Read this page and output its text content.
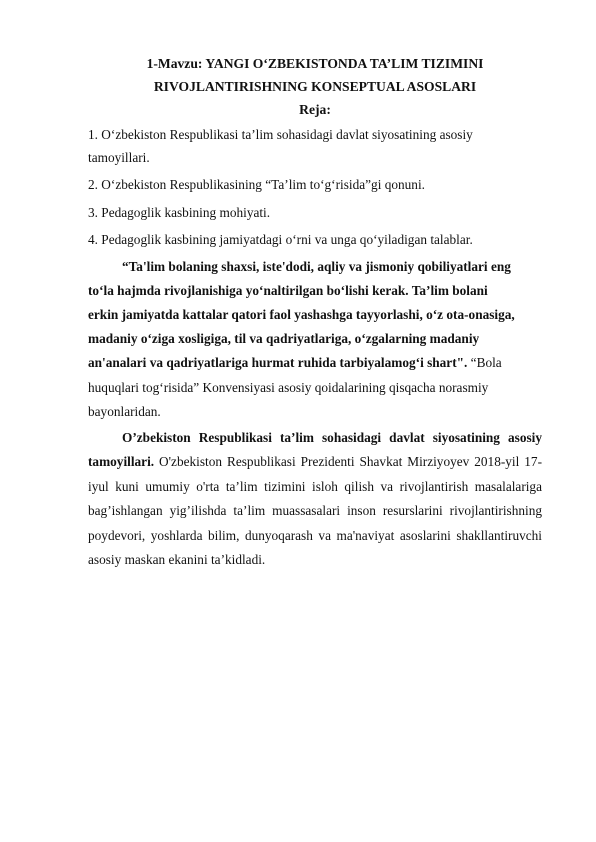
1-Mavzu: YANGI O‘ZBEKISTONDA TA’LIM TIZIMINI

RIVOJLANTIRISHNING KONSEPTUAL ASOSLARI

Reja:

1. O‘zbekiston Respublikasi ta’lim sohasidagi davlat siyosatining asosiy tamoyillari.
2. O‘zbekiston Respublikasining “Ta’lim to‘g‘risida”gi qonuni.
3. Pedagoglik kasbining mohiyati.
4. Pedagoglik kasbining jamiyatdagi o‘rni va unga qo‘yiladigan talablar.

“Ta'lim bolaning shaxsi, iste'dodi, aqliy va jismoniy qobiliyatlari eng to‘la hajmda rivojlanishiga yo‘naltirilgan bo‘lishi kerak. Ta’lim bolani erkin jamiyatda kattalar qatori faol yashashga tayyorlashi, o‘z ota-onasiga, madaniy o‘ziga xosligiga, til va qadriyatlariga, o‘zgalarning madaniy an'analari va qadriyatlariga hurmat ruhida tarbiyalamog‘i shart". “Bola huquqlari tog‘risida” Konvensiyasi asosiy qoidalarining qisqacha norasmiy bayonlaridan.

O’zbekiston Respublikasi ta’lim sohasidagi davlat siyosatining asosiy tamoyillari. O'zbekiston Respublikasi Prezidenti Shavkat Mirziyoyev 2018-yil 17-iyul kuni umumiy o'rta ta’lim tizimini isloh qilish va rivojlantirish masalalariga bag’ishlangan yig’ilishda ta’lim muassasalari inson resurslarini rivojlantirishning poydevori, yoshlarda bilim, dunyoqarash va ma'naviyat asoslarini shakllantiruvchi asosiy maskan ekanini ta’kidladi.
